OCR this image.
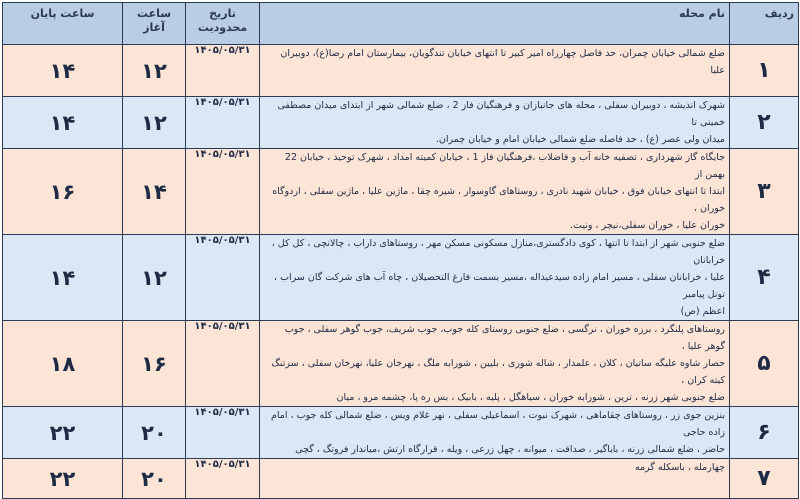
ردیف	نام محله	تاریخ محدودیت	ساعت آغاز	ساعت پایان
۱	ضلع شمالی خیابان چمران، حد فاصل چهارراه امیر کبیر تا انتهای خیابان تندگویان، بیمارستان امام رضا(ع)، دوبیران علیا	۱۴۰۵/۰۵/۳۱	۱۲	۱۴
۲	شهرک اندیشه ، دوبیران سفلی ، محله های جانبازان و فرهنگیان فاز 2 ، ضلع شمالی شهر از ابتدای میدان مصطفی خمینی تا
میدان ولی عصر (ع) ، حد فاصله ضلع شمالی خیابان امام و خیابان چمران.	۱۴۰۵/۰۵/۳۱	۱۲	۱۴
۳	جایگاه گاز شهرداری ، تصفیه خانه آب و فاضلاب ،فرهنگیان فاز 1 ، خیابان کمیته امداد ، شهرک توحید ، خیابان 22 بهمن از
ابتدا تا انتهای خیابان فوق ، خیابان شهید نادری ، روستاهای گاوسوار ، شیره چقا ، ماژین علیا ، ماژین سفلی ، اردوگاه خوران ،
خوران علیا ، خوران سفلی،نیچر ، ونیت.	۱۴۰۵/۰۵/۳۱	۱۴	۱۶
۴	ضلع جنوبی شهر از ابتدا تا انتها ، کوی دادگستری،منازل مسکونی مسکن مهر ، روستاهای داراب ، چالانچی ، کل کل ، خرابانان
علیا ، خرابانان سفلی ، مسیر امام زاده سیدعبداله ،مسیر بسمت فارغ التحصیلان ، چاه آب های شرکت گان سراب ، تونل پیامبر
اعظم (ص)	۱۴۰۵/۰۵/۳۱	۱۲	۱۴
۵	روستاهای پلنگرد ، برزه خوران ، نرگسی ، ضلع جنوبی روستای کله جوب، جوب شریف، جوب گوهر سفلی ، جوب گوهر علیا ،
حصار شاوه علیگه ساتیان ، کلان ، علمدار ، شاله شوری ، بلیین ، شورابه ملگ ، نهرخان علیا، نهرخان سفلی ، سرتنگ کیته کران ،
ضلع جنوبی شهر زرنه ، ترین ، شورابه خوران ، سیاهگل ، پلیه ، بابیک ، بس ره پا، چشمه مرو ، میان	۱۴۰۵/۰۵/۳۱	۱۶	۱۸
۶	بنزین جوی زر ، روستاهای چقاماهی ، شهرک نبوت ، اسماعیلی سفلی ، نهر غلام ویس ، ضلع شمالی کله جوب ، امام زاده حاجی
حاضر ، ضلع شمالی زرنه ، باباگیر ، صداقت ، میوانه ، چهل زرعی ، ویله ، قرارگاه ارتش ،میاندار فروتگ ، گچی	۱۴۰۵/۰۵/۳۱	۲۰	۲۲
۷	چهارمله ، باسکله گرمه	۱۴۰۵/۰۵/۳۱	۲۰	۲۲
